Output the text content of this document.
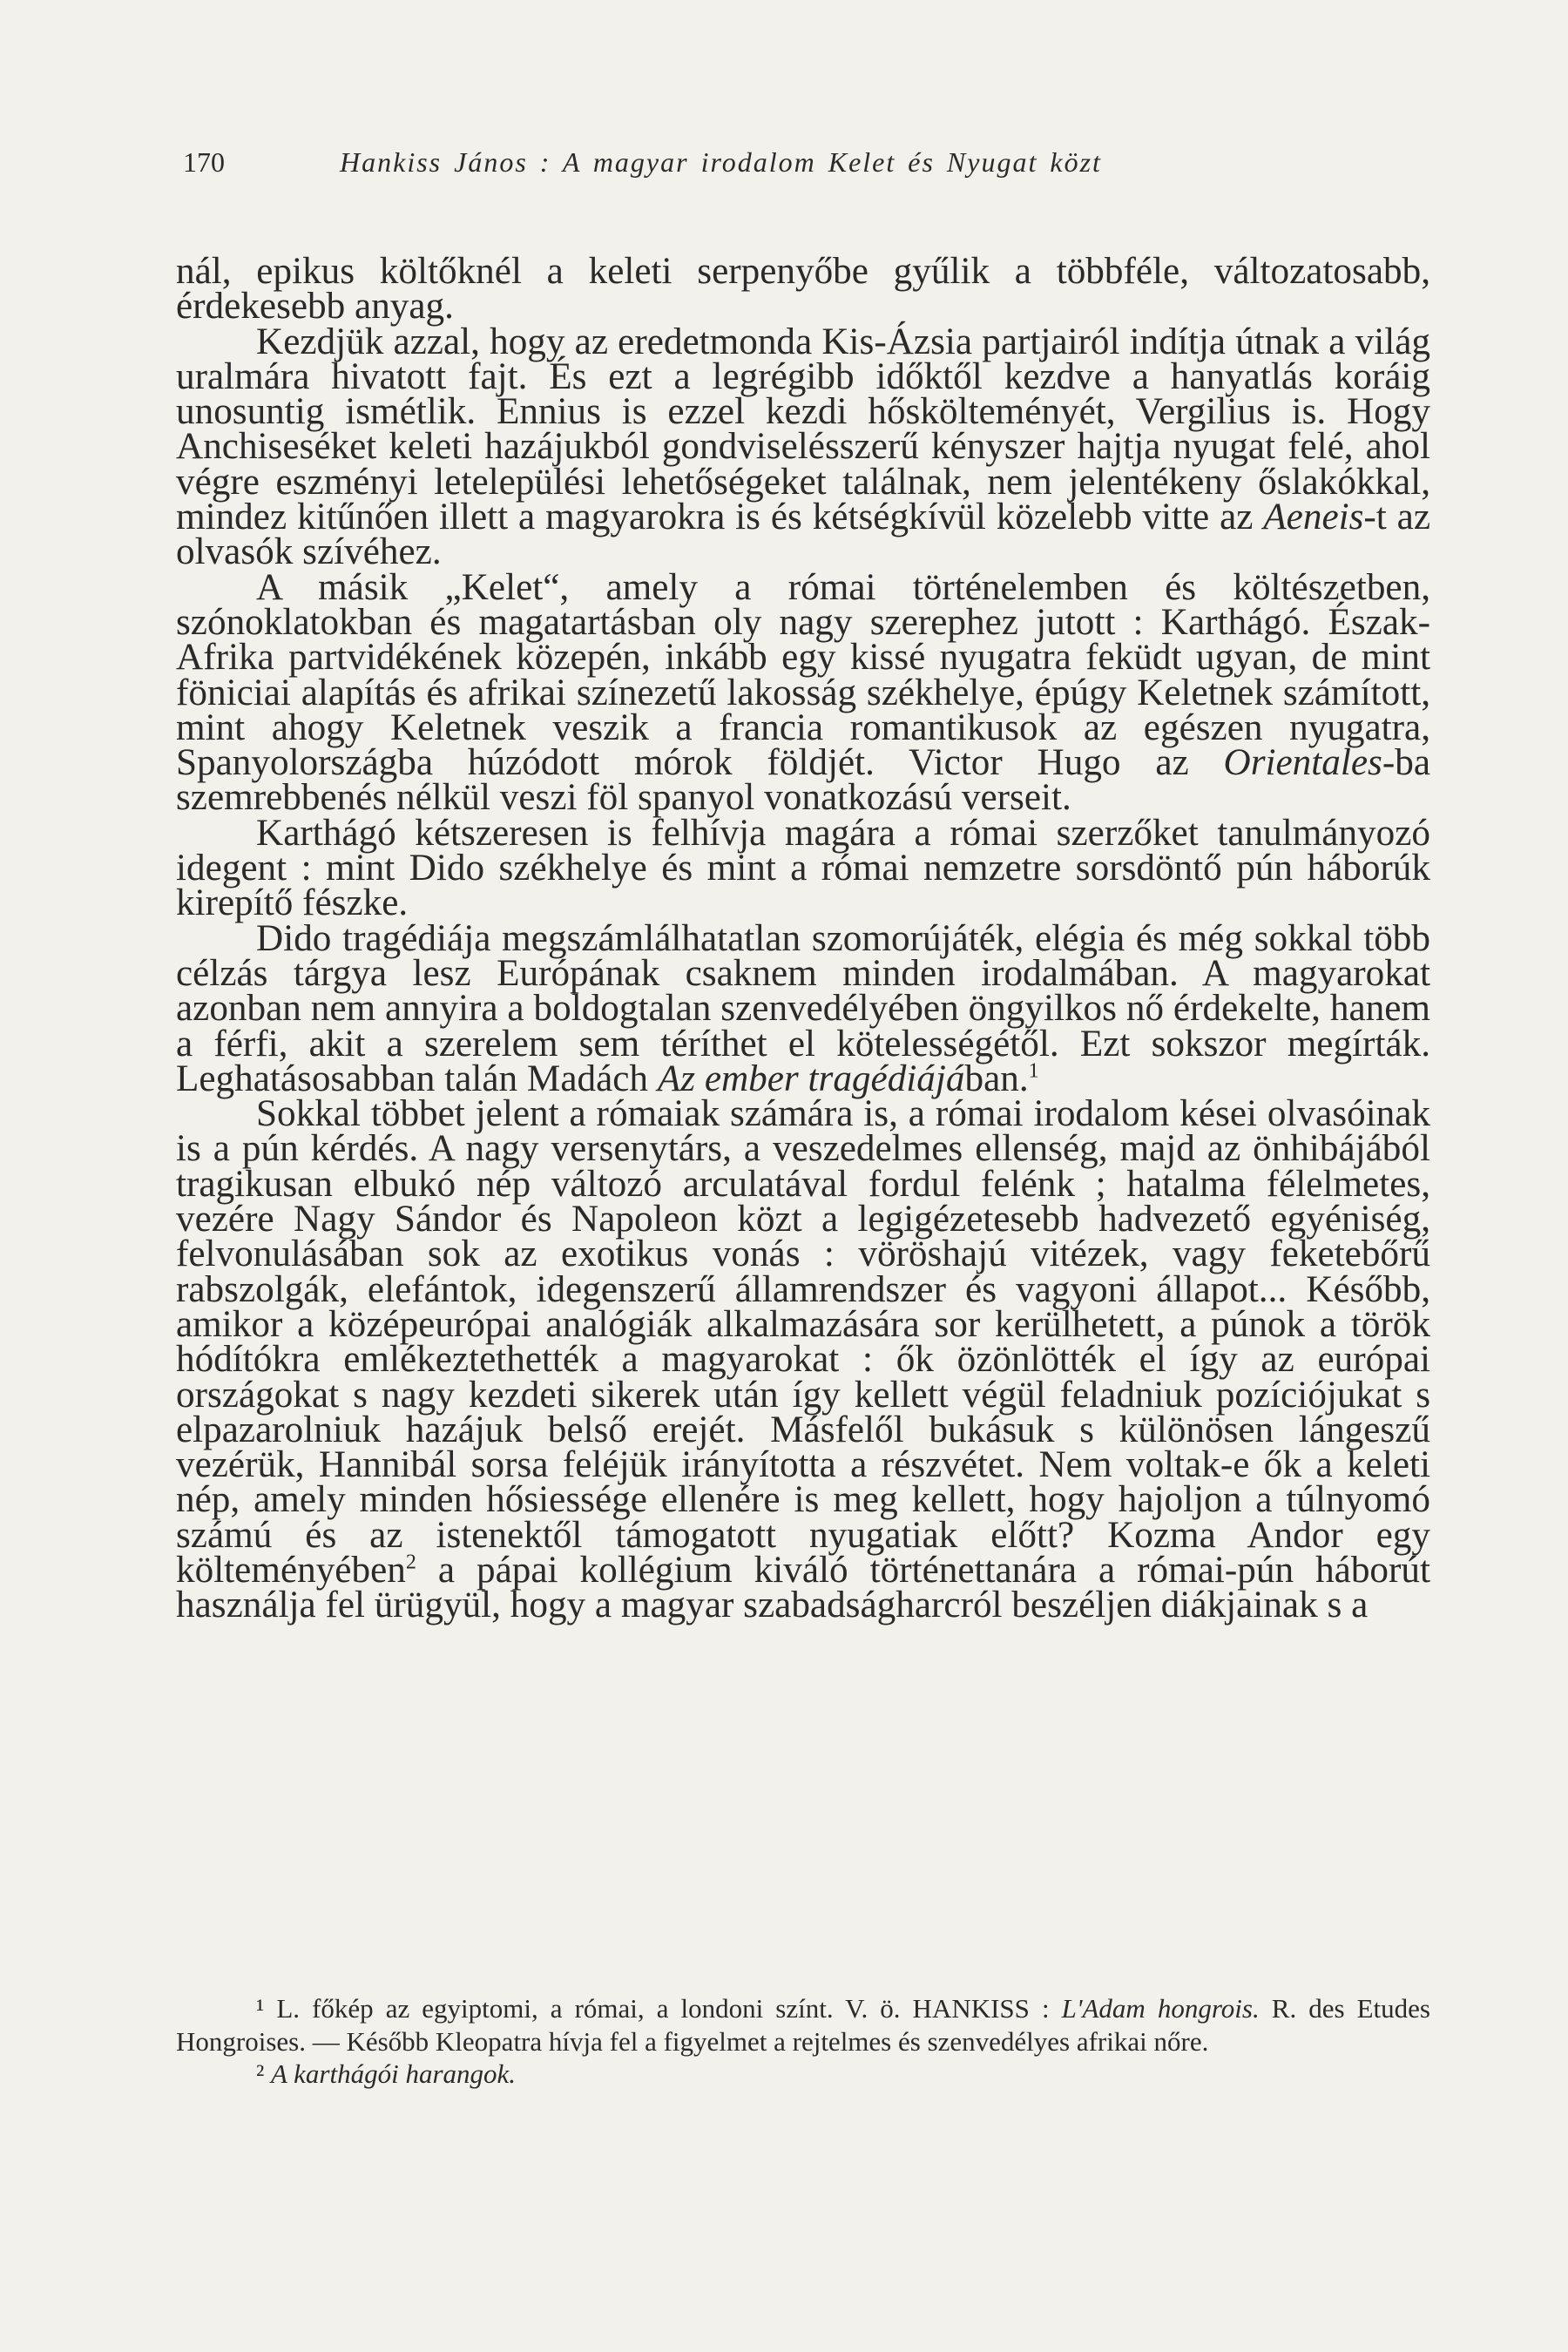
170	Hankiss János : A magyar irodalom Kelet és Nyugat közt

nál, epikus költőknél a keleti serpenyőbe gyűlik a többféle, változatosabb, érdekesebb anyag.

Kezdjük azzal, hogy az eredetmonda Kis-Ázsia partjairól indítja útnak a világ uralmára hivatott fajt. És ezt a legrégibb időktől kezdve a hanyatlás koráig unosuntig ismétlik. Ennius is ezzel kezdi hőskölteményét, Vergilius is. Hogy Anchiseséket keleti hazájukból gondviselésszerű kényszer hajtja nyugat felé, ahol végre eszményi letelepülési lehetőségeket találnak, nem jelentékeny őslakókkal, mindez kitűnően illett a magyarokra is és kétségkívül közelebb vitte az Aeneis-t az olvasók szívéhez.

A másik „Kelet“, amely a római történelemben és költészetben, szónoklatokban és magatartásban oly nagy szerephez jutott : Karthágó. Észak-Afrika partvidékének közepén, inkább egy kissé nyugatra feküdt ugyan, de mint föniciai alapítás és afrikai színezetű lakosság székhelye, épúgy Keletnek számított, mint ahogy Keletnek veszik a francia romantikusok az egészen nyugatra, Spanyolországba húzódott mórok földjét. Victor Hugo az Orientales-ba szemrebbenés nélkül veszi föl spanyol vonatkozású verseit.

Karthágó kétszeresen is felhívja magára a római szerzőket tanulmányozó idegent : mint Dido székhelye és mint a római nemzetre sorsdöntő pún háborúk kirepítő fészke.

Dido tragédiája megszámlálhatatlan szomorújáték, elégia és még sokkal több célzás tárgya lesz Európának csaknem minden irodalmában. A magyarokat azonban nem annyira a boldogtalan szenvedélyében öngyilkos nő érdekelte, hanem a férfi, akit a szerelem sem téríthet el kötelességétől. Ezt sokszor megírták. Leghatásosabban talán Madách Az ember tragédiájában.$^1$

Sokkal többet jelent a rómaiak számára is, a római irodalom kései olvasóinak is a pún kérdés. A nagy versenytárs, a veszedelmes ellenség, majd az önhibájából tragikusan elbukó nép változó arculatával fordul felénk ; hatalma félelmetes, vezére Nagy Sándor és Napoleon közt a legigézetesebb hadvezető egyéniség, felvonulásában sok az exotikus vonás : vöröshajú vitézek, vagy feketebőrű rabszolgák, elefántok, idegenszerű államrendszer és vagyoni állapot... Később, amikor a középeurópai analógiák alkalmazására sor kerülhetett, a púnok a török hódítókra emlékeztethették a magyarokat : ők özönlötték el így az európai országokat s nagy kezdeti sikerek után így kellett végül feladniuk pozíciójukat s elpazarolniuk hazájuk belső erejét. Másfelől bukásuk s különösen lángeszű vezérük, Hannibál sorsa feléjük irányította a részvétet. Nem voltak-e ők a keleti nép, amely minden hősiessége ellenére is meg kellett, hogy hajoljon a túlnyomó számú és az istenektől támogatott nyugatiak előtt? Kozma Andor egy költeményében$^2$ a pápai kollégium kiváló történettanára a római-pún háborút használja fel ürügyül, hogy a magyar szabadságharcról beszéljen diákjainak s a

¹ L. főkép az egyiptomi, a római, a londoni színt. V. ö. HANKISS : L'Adam hongrois. R. des Etudes Hongroises. — Később Kleopatra hívja fel a figyelmet a rejtelmes és szenvedélyes afrikai nőre.

² A karthágói harangok.
